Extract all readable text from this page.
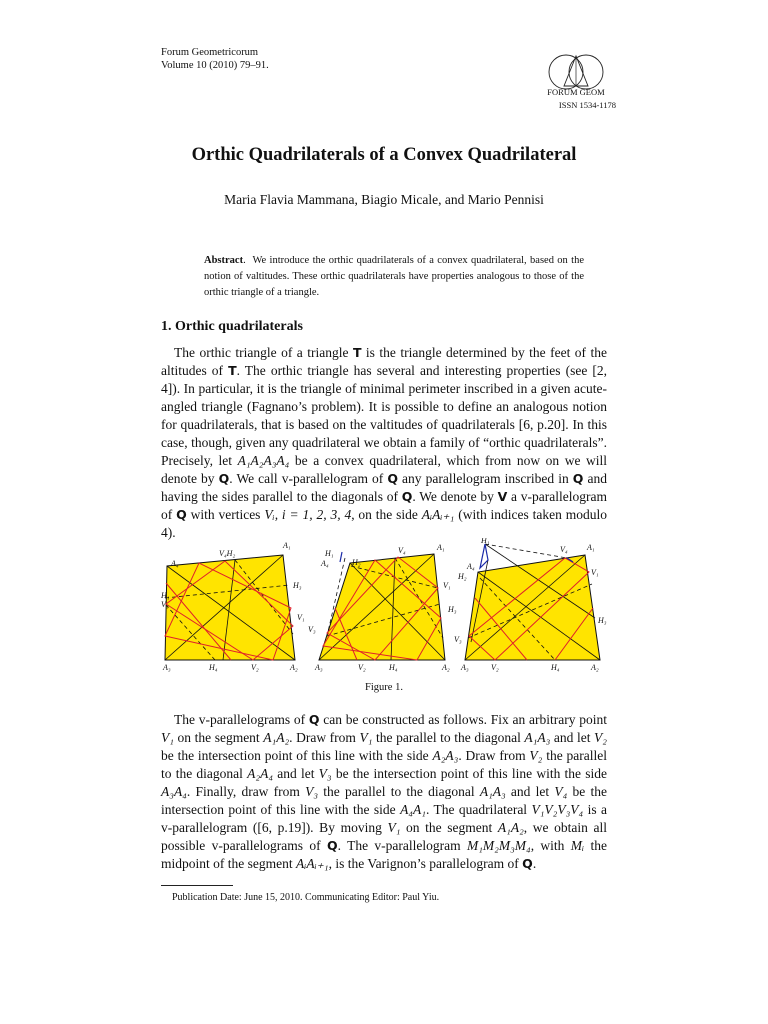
Forum Geometricorum
Volume 10 (2010) 79–91.
FORUM GEOM
ISSN 1534-1178
Orthic Quadrilaterals of a Convex Quadrilateral
Maria Flavia Mammana, Biagio Micale, and Mario Pennisi
Abstract.  We introduce the orthic quadrilaterals of a convex quadrilateral, based on the notion of valtitudes. These orthic quadrilaterals have properties analogous to those of the orthic triangle of a triangle.
1. Orthic quadrilaterals

The orthic triangle of a triangle T is the triangle determined by the feet of the altitudes of T. The orthic triangle has several and interesting properties (see [2, 4]). In particular, it is the triangle of minimal perimeter inscribed in a given acute-angled triangle (Fagnano’s problem). It is possible to define an analogous notion for quadrilaterals, that is based on the valtitudes of quadrilaterals [6, p.20]. In this case, though, given any quadrilateral we obtain a family of “orthic quadrilaterals”. Precisely, let A₁A₂A₃A₄ be a convex quadrilateral, which from now on we will denote by Q. We call v-parallelogram of Q any parallelogram inscribed in Q and having the sides parallel to the diagonals of Q. We denote by V a v-parallelogram of Q with vertices Vᵢ, i = 1, 2, 3, 4, on the side AᵢAᵢ₊₁ (with indices taken modulo 4).

A₁
A₄
V₄H₂
H₃
H₁
V₃
V₁
A₃	H₄	V₂	A₂
H₁
A₄	H₂
V₄	A₁
V₁
H₃
V₃
A₃	V₂	H₄	A₂
H₁
A₄
H₂
V₄ A₁
V₁
H₃
V₃
A₃	V₂	H₄	A₂
Figure 1.

The v-parallelograms of Q can be constructed as follows. Fix an arbitrary point V₁ on the segment A₁A₂. Draw from V₁ the parallel to the diagonal A₁A₃ and let V₂ be the intersection point of this line with the side A₂A₃. Draw from V₂ the parallel to the diagonal A₂A₄ and let V₃ be the intersection point of this line with the side A₃A₄. Finally, draw from V₃ the parallel to the diagonal A₁A₃ and let V₄ be the intersection point of this line with the side A₄A₁. The quadrilateral V₁V₂V₃V₄ is a v-parallelogram ([6, p.19]). By moving V₁ on the segment A₁A₂, we obtain all possible v-parallelograms of Q. The v-parallelogram M₁M₂M₃M₄, with Mᵢ the midpoint of the segment AᵢAᵢ₊₁, is the Varignon’s parallelogram of Q.

Publication Date: June 15, 2010. Communicating Editor: Paul Yiu.
